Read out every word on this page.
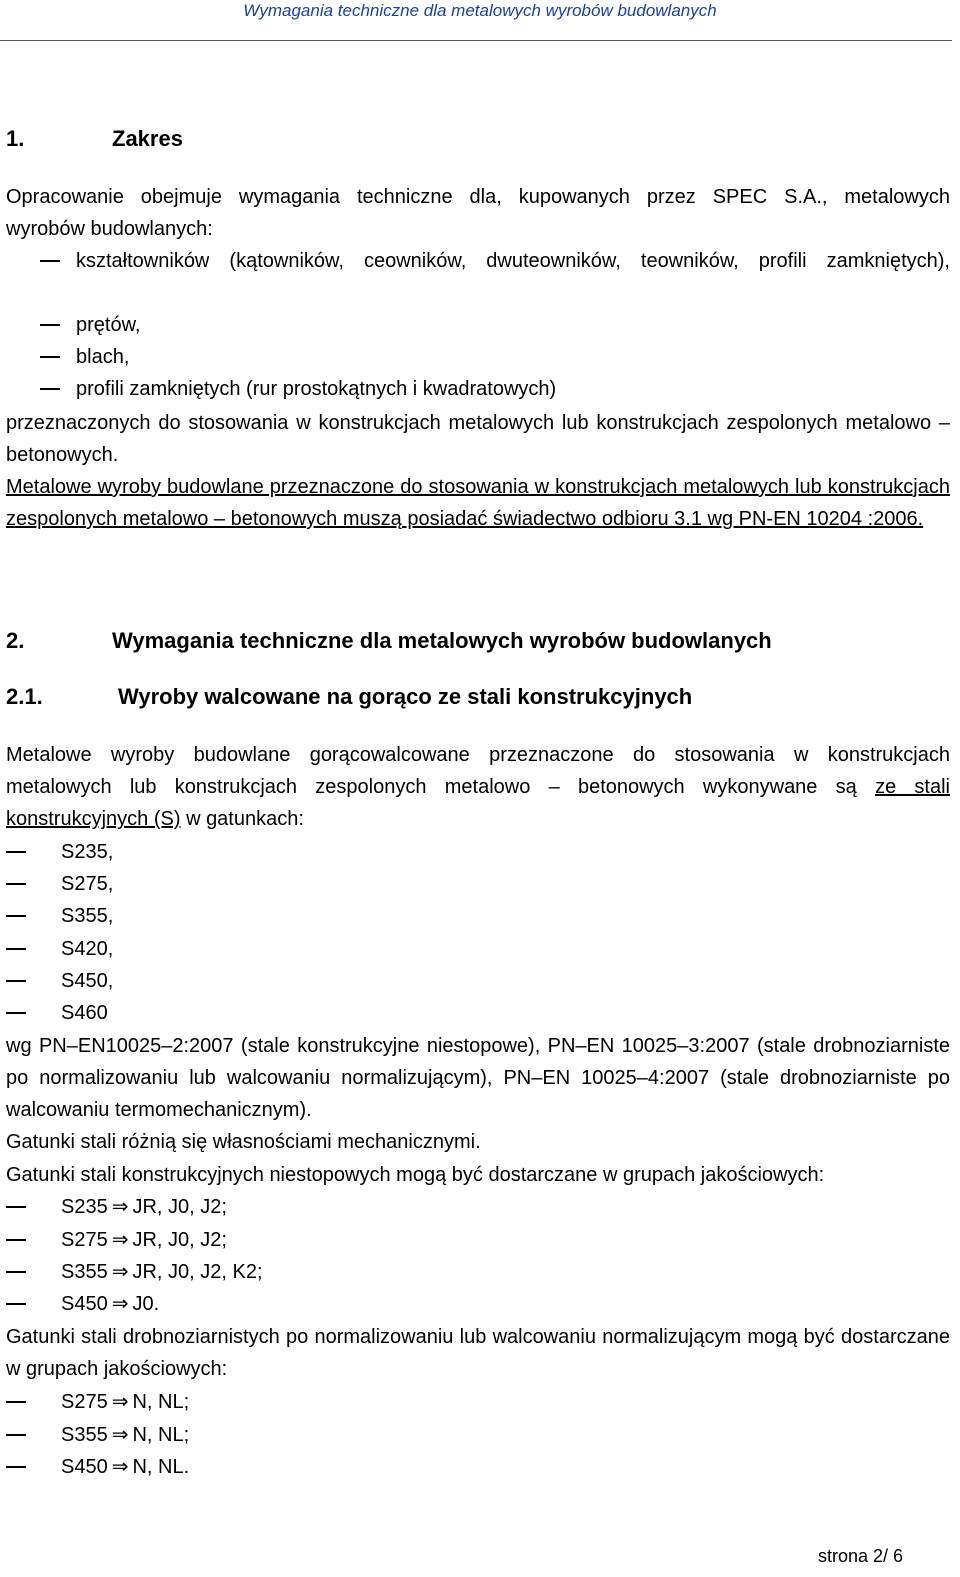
Wymagania techniczne dla metalowych wyrobów budowlanych
1.	Zakres
Opracowanie obejmuje wymagania techniczne dla, kupowanych przez SPEC S.A., metalowych
wyrobów budowlanych:
kształtowników (kątowników, ceowników, dwuteowników, teowników, profili zamkniętych),
prętów,
blach,
profili zamkniętych (rur prostokątnych i kwadratowych)
przeznaczonych do stosowania w konstrukcjach metalowych lub konstrukcjach zespolonych metalowo – betonowych.
Metalowe wyroby budowlane przeznaczone do stosowania w konstrukcjach metalowych lub konstrukcjach zespolonych metalowo – betonowych muszą posiadać świadectwo odbioru 3.1 wg PN-EN 10204 :2006.
2.	Wymagania techniczne dla metalowych wyrobów budowlanych
2.1.	Wyroby walcowane na gorąco ze stali konstrukcyjnych
Metalowe wyroby budowlane gorącowalcowane przeznaczone do stosowania w konstrukcjach metalowych lub konstrukcjach zespolonych metalowo – betonowych wykonywane są ze stali konstrukcyjnych (S) w gatunkach:
S235,
S275,
S355,
S420,
S450,
S460
wg PN–EN10025–2:2007 (stale konstrukcyjne niestopowe), PN–EN 10025–3:2007 (stale drobnoziarniste po normalizowaniu lub walcowaniu normalizującym), PN–EN 10025–4:2007 (stale drobnoziarniste po walcowaniu termomechanicznym).
Gatunki stali różnią się własnościami mechanicznymi.
Gatunki stali konstrukcyjnych niestopowych mogą być dostarczane w grupach jakościowych:
S235 ⇒ JR, J0, J2;
S275 ⇒ JR, J0, J2;
S355 ⇒ JR, J0, J2, K2;
S450 ⇒ J0.
Gatunki stali drobnoziarnistych po normalizowaniu lub walcowaniu normalizującym mogą być dostarczane w grupach jakościowych:
S275 ⇒ N, NL;
S355 ⇒ N, NL;
S450 ⇒ N, NL.
strona 2/ 6
